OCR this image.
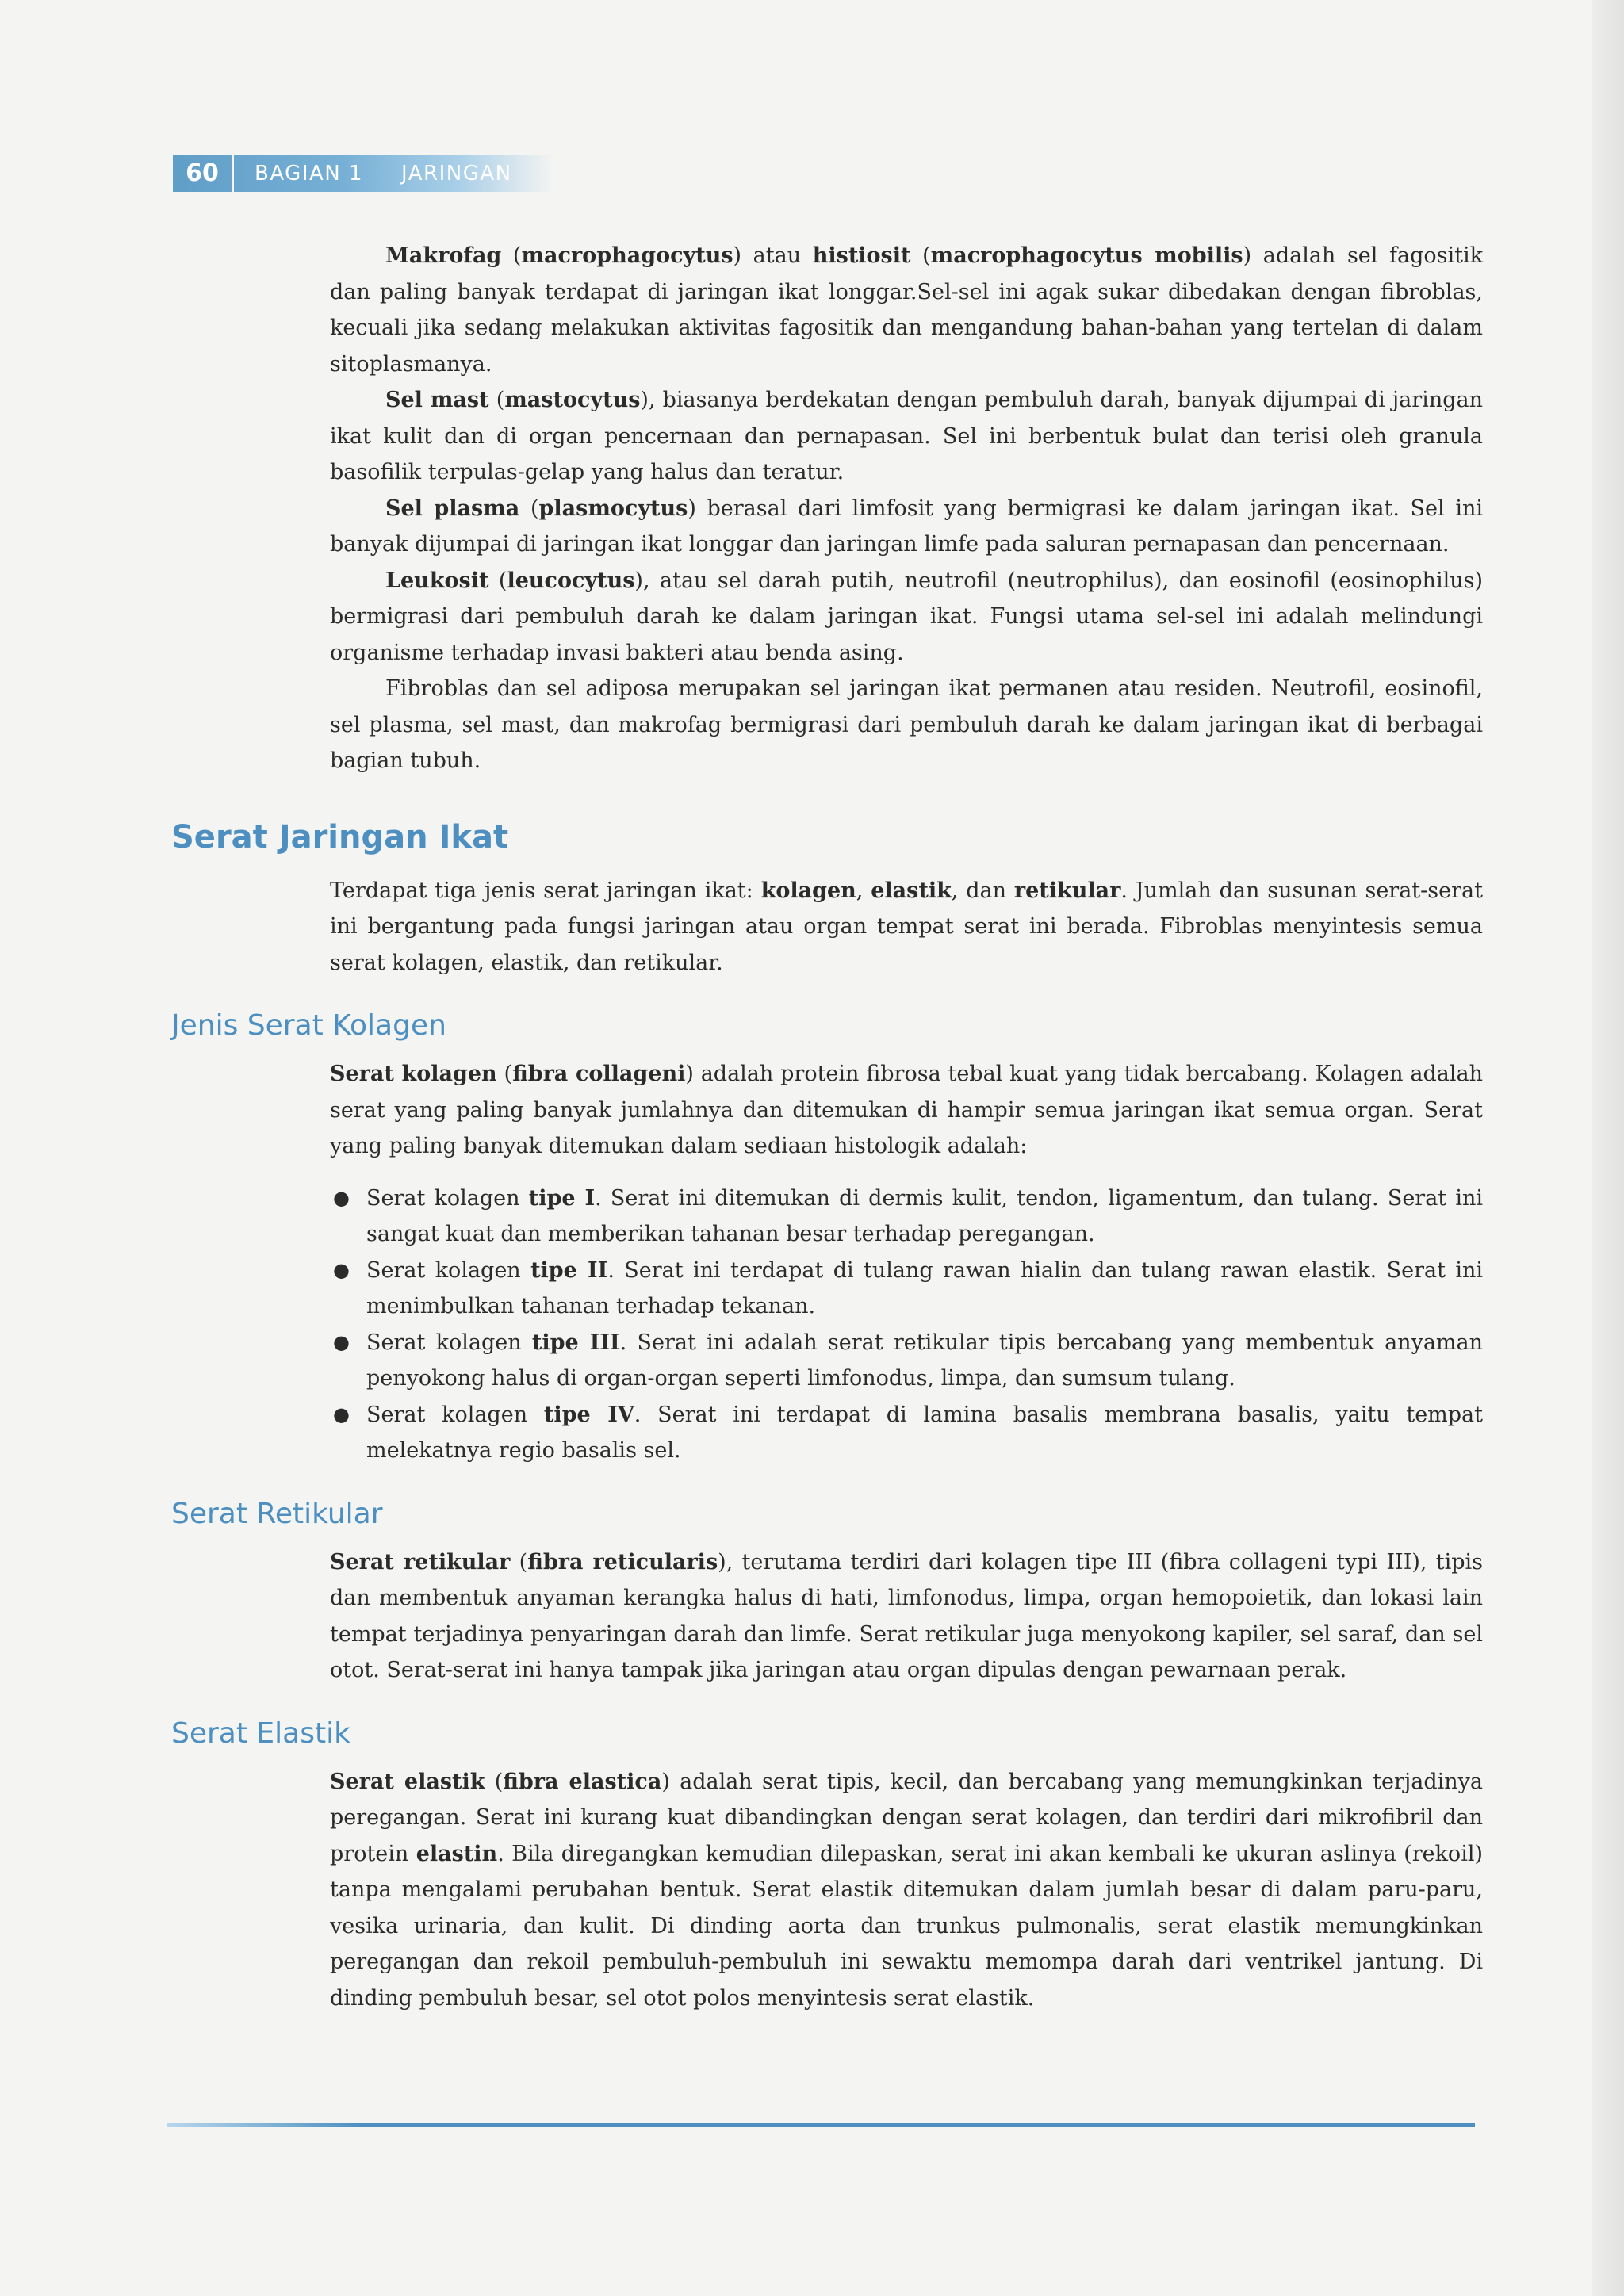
60	BAGIAN 1 JARINGAN

Makrofag (macrophagocytus) atau histiosit (macrophagocytus mobilis) adalah sel fagositik dan paling banyak terdapat di jaringan ikat longgar.Sel-sel ini agak sukar dibedakan dengan fibroblas, kecuali jika sedang melakukan aktivitas fagositik dan mengandung bahan-bahan yang tertelan di dalam sitoplasmanya.

Sel mast (mastocytus), biasanya berdekatan dengan pembuluh darah, banyak dijumpai di jaringan ikat kulit dan di organ pencernaan dan pernapasan. Sel ini berbentuk bulat dan terisi oleh granula basofilik terpulas-gelap yang halus dan teratur.

Sel plasma (plasmocytus) berasal dari limfosit yang bermigrasi ke dalam jaringan ikat. Sel ini banyak dijumpai di jaringan ikat longgar dan jaringan limfe pada saluran pernapasan dan pencernaan.

Leukosit (leucocytus), atau sel darah putih, neutrofil (neutrophilus), dan eosinofil (eosinophilus) bermigrasi dari pembuluh darah ke dalam jaringan ikat. Fungsi utama sel-sel ini adalah melindungi organisme terhadap invasi bakteri atau benda asing.

Fibroblas dan sel adiposa merupakan sel jaringan ikat permanen atau residen. Neutrofil, eosinofil, sel plasma, sel mast, dan makrofag bermigrasi dari pembuluh darah ke dalam jaringan ikat di berbagai bagian tubuh.

Serat Jaringan Ikat

Terdapat tiga jenis serat jaringan ikat: kolagen, elastik, dan retikular. Jumlah dan susunan serat-serat ini bergantung pada fungsi jaringan atau organ tempat serat ini berada. Fibroblas menyintesis semua serat kolagen, elastik, dan retikular.

Jenis Serat Kolagen

Serat kolagen (fibra collageni) adalah protein fibrosa tebal kuat yang tidak bercabang. Kolagen adalah serat yang paling banyak jumlahnya dan ditemukan di hampir semua jaringan ikat semua organ. Serat yang paling banyak ditemukan dalam sediaan histologik adalah:

● Serat kolagen tipe I. Serat ini ditemukan di dermis kulit, tendon, ligamentum, dan tulang. Serat ini sangat kuat dan memberikan tahanan besar terhadap peregangan.
● Serat kolagen tipe II. Serat ini terdapat di tulang rawan hialin dan tulang rawan elastik. Serat ini menimbulkan tahanan terhadap tekanan.
● Serat kolagen tipe III. Serat ini adalah serat retikular tipis bercabang yang membentuk anyaman penyokong halus di organ-organ seperti limfonodus, limpa, dan sumsum tulang.
● Serat kolagen tipe IV. Serat ini terdapat di lamina basalis membrana basalis, yaitu tempat melekatnya regio basalis sel.
Serat Retikular

Serat retikular (fibra reticularis), terutama terdiri dari kolagen tipe III (fibra collageni typi III), tipis dan membentuk anyaman kerangka halus di hati, limfonodus, limpa, organ hemopoietik, dan lokasi lain tempat terjadinya penyaringan darah dan limfe. Serat retikular juga menyokong kapiler, sel saraf, dan sel otot. Serat-serat ini hanya tampak jika jaringan atau organ dipulas dengan pewarnaan perak.

Serat Elastik

Serat elastik (fibra elastica) adalah serat tipis, kecil, dan bercabang yang memungkinkan terjadinya peregangan. Serat ini kurang kuat dibandingkan dengan serat kolagen, dan terdiri dari mikrofibril dan protein elastin. Bila diregangkan kemudian dilepaskan, serat ini akan kembali ke ukuran aslinya (rekoil) tanpa mengalami perubahan bentuk. Serat elastik ditemukan dalam jumlah besar di dalam paru-paru, vesika urinaria, dan kulit. Di dinding aorta dan trunkus pulmonalis, serat elastik memungkinkan peregangan dan rekoil pembuluh-pembuluh ini sewaktu memompa darah dari ventrikel jantung. Di dinding pembuluh besar, sel otot polos menyintesis serat elastik.
